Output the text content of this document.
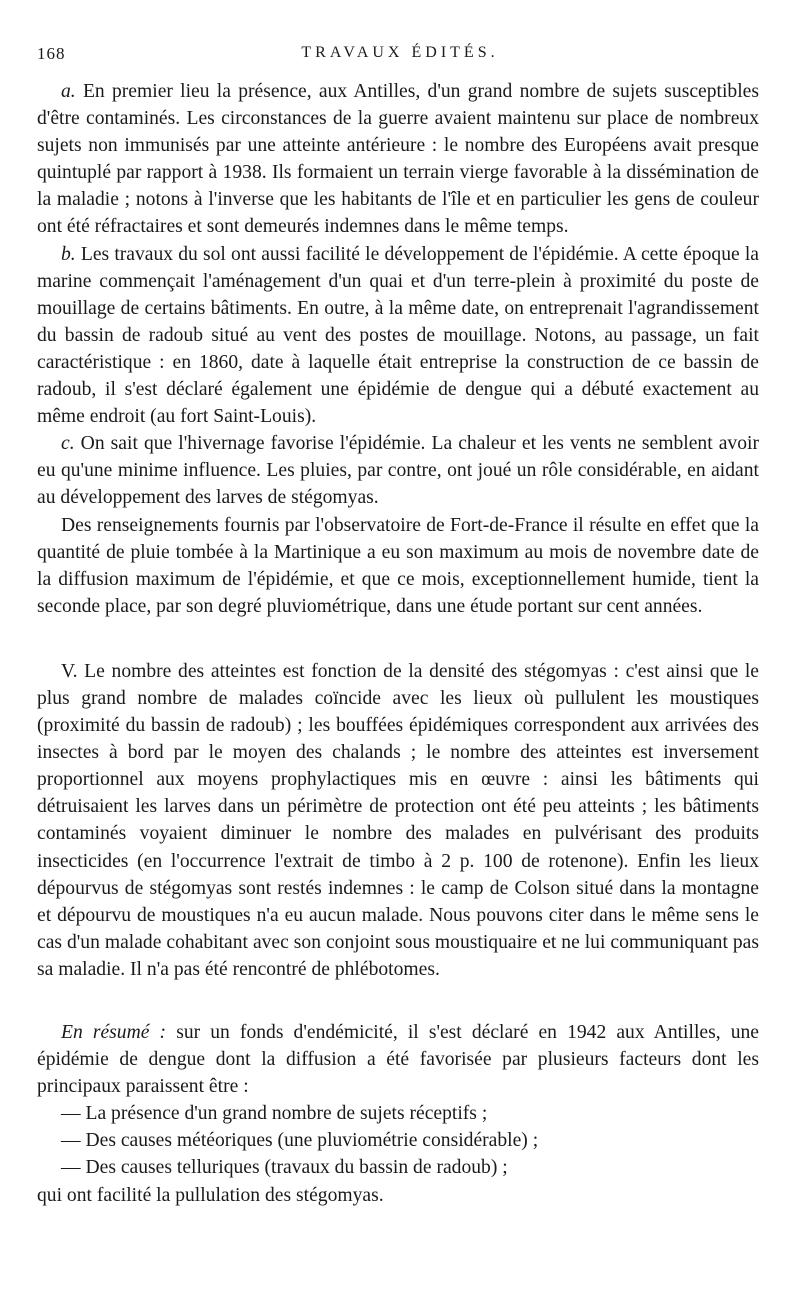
168	TRAVAUX ÉDITÉS.

a. En premier lieu la présence, aux Antilles, d'un grand nombre de sujets susceptibles d'être contaminés. Les circonstances de la guerre avaient maintenu sur place de nombreux sujets non immunisés par une atteinte antérieure : le nombre des Européens avait presque quintuplé par rapport à 1938. Ils formaient un terrain vierge favorable à la dissémination de la maladie ; notons à l'inverse que les habitants de l'île et en particulier les gens de couleur ont été réfractaires et sont demeurés indemnes dans le même temps.

b. Les travaux du sol ont aussi facilité le développement de l'épidémie. A cette époque la marine commençait l'aménagement d'un quai et d'un terre-plein à proximité du poste de mouillage de certains bâtiments. En outre, à la même date, on entreprenait l'agrandissement du bassin de radoub situé au vent des postes de mouillage. Notons, au passage, un fait caractéristique : en 1860, date à laquelle était entreprise la construction de ce bassin de radoub, il s'est déclaré également une épidémie de dengue qui a débuté exactement au même endroit (au fort Saint-Louis).

c. On sait que l'hivernage favorise l'épidémie. La chaleur et les vents ne semblent avoir eu qu'une minime influence. Les pluies, par contre, ont joué un rôle considérable, en aidant au développement des larves de stégomyas.

Des renseignements fournis par l'observatoire de Fort-de-France il résulte en effet que la quantité de pluie tombée à la Martinique a eu son maximum au mois de novembre date de la diffusion maximum de l'épidémie, et que ce mois, exceptionnellement humide, tient la seconde place, par son degré pluviométrique, dans une étude portant sur cent années.

V. Le nombre des atteintes est fonction de la densité des stégomyas : c'est ainsi que le plus grand nombre de malades coïncide avec les lieux où pullulent les moustiques (proximité du bassin de radoub) ; les bouffées épidémiques correspondent aux arrivées des insectes à bord par le moyen des chalands ; le nombre des atteintes est inversement proportionnel aux moyens prophylactiques mis en œuvre : ainsi les bâtiments qui détruisaient les larves dans un périmètre de protection ont été peu atteints ; les bâtiments contaminés voyaient diminuer le nombre des malades en pulvérisant des produits insecticides (en l'occurrence l'extrait de timbo à 2 p. 100 de rotenone). Enfin les lieux dépourvus de stégomyas sont restés indemnes : le camp de Colson situé dans la montagne et dépourvu de moustiques n'a eu aucun malade. Nous pouvons citer dans le même sens le cas d'un malade cohabitant avec son conjoint sous moustiquaire et ne lui communiquant pas sa maladie. Il n'a pas été rencontré de phlébotomes.

En résumé : sur un fonds d'endémicité, il s'est déclaré en 1942 aux Antilles, une épidémie de dengue dont la diffusion a été favorisée par plusieurs facteurs dont les principaux paraissent être :

— La présence d'un grand nombre de sujets réceptifs ;

— Des causes météoriques (une pluviométrie considérable) ;

— Des causes telluriques (travaux du bassin de radoub) ;

qui ont facilité la pullulation des stégomyas.
